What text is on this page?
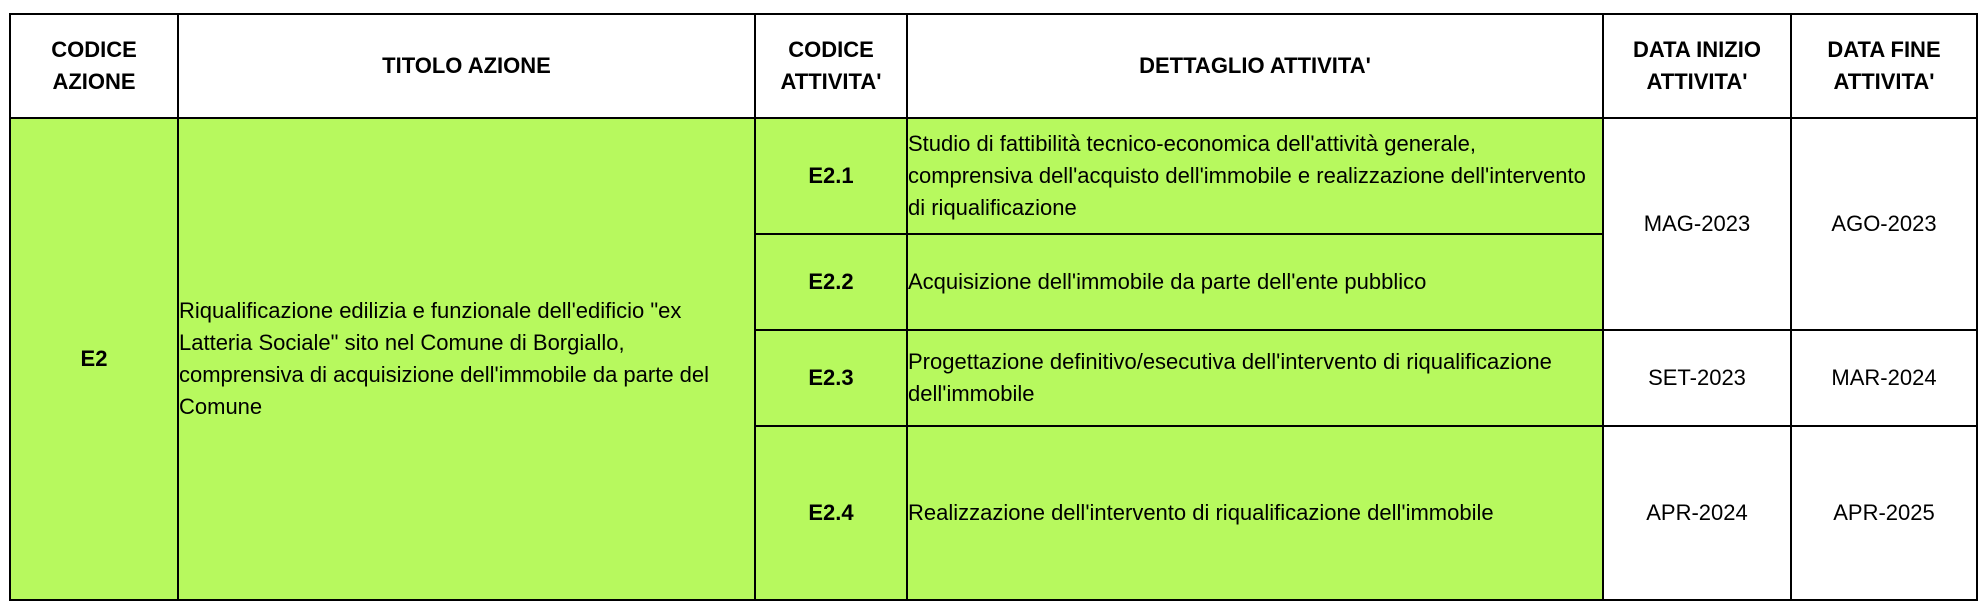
CODICE AZIONE	TITOLO AZIONE	CODICE ATTIVITA'	DETTAGLIO ATTIVITA'	DATA INIZIO ATTIVITA'	DATA FINE ATTIVITA'
E2	Riqualificazione edilizia e funzionale dell'edificio "ex Latteria Sociale" sito nel Comune di Borgiallo, comprensiva di acquisizione dell'immobile da parte del Comune	E2.1	Studio di fattibilità tecnico-economica dell'attività generale, comprensiva dell'acquisto dell'immobile e realizzazione dell'intervento di riqualificazione	MAG-2023	AGO-2023
		E2.2	Acquisizione dell'immobile da parte dell'ente pubblico		
		E2.3	Progettazione definitivo/esecutiva dell'intervento di riqualificazione dell'immobile	SET-2023	MAR-2024
		E2.4	Realizzazione dell'intervento di riqualificazione dell'immobile	APR-2024	APR-2025
